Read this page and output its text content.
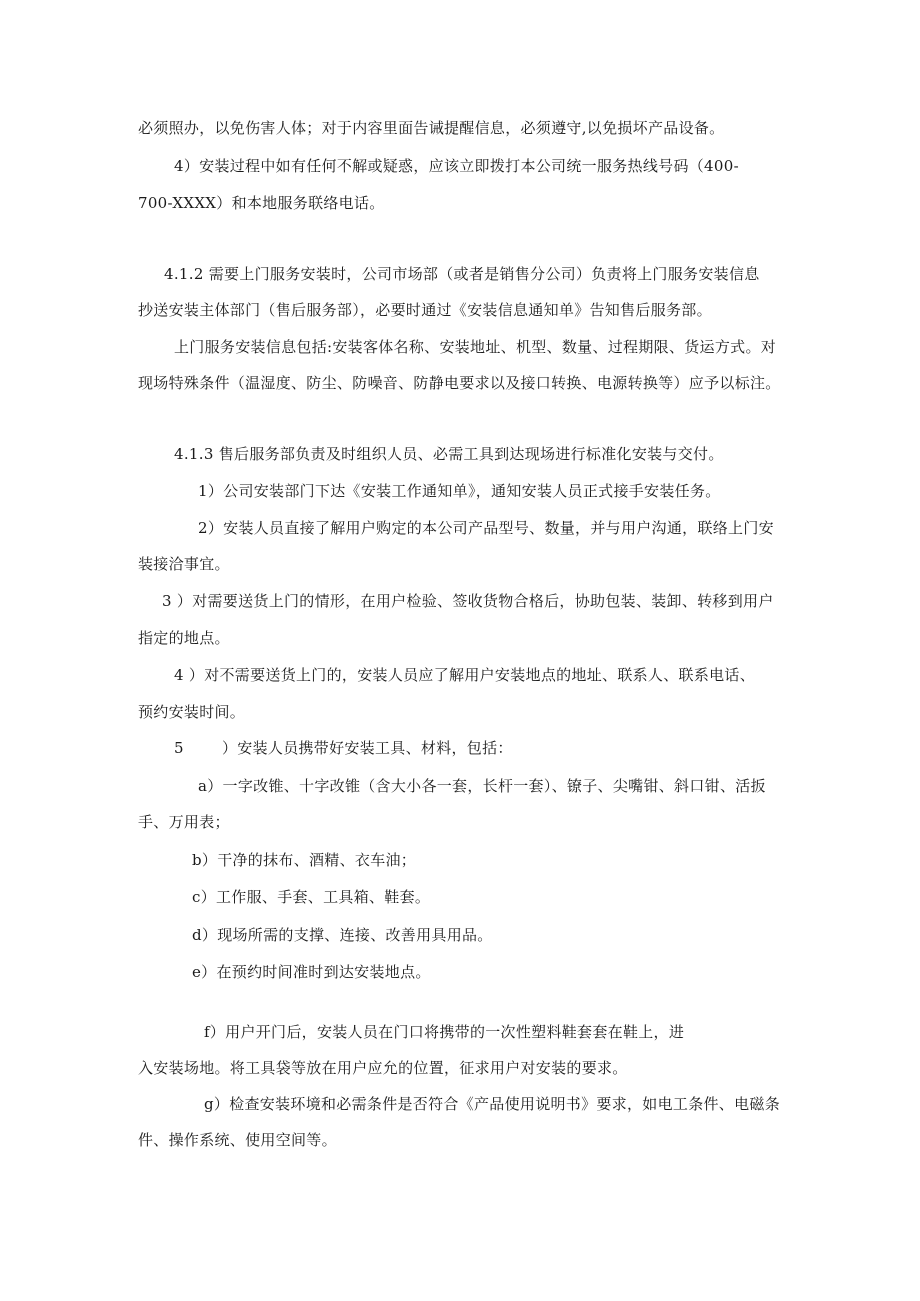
必须照办，以免伤害人体；对于内容里面告诫提醒信息，必须遵守,以免损坏产品设备。
4）安装过程中如有任何不解或疑惑，应该立即拨打本公司统一服务热线号码（400-
700-XXXX）和本地服务联络电话。
4.1.2 需要上门服务安装时，公司市场部（或者是销售分公司）负责将上门服务安装信息
抄送安装主体部门（售后服务部），必要时通过《安装信息通知单》告知售后服务部。
上门服务安装信息包括:安装客体名称、安装地址、机型、数量、过程期限、货运方式。对
现场特殊条件（温湿度、防尘、防噪音、防静电要求以及接口转换、电源转换等）应予以标注。
4.1.3 售后服务部负责及时组织人员、必需工具到达现场进行标准化安装与交付。
1）公司安装部门下达《安装工作通知单》，通知安装人员正式接手安装任务。
2）安装人员直接了解用户购定的本公司产品型号、数量，并与用户沟通，联络上门安
装接洽事宜。
3 ）对需要送货上门的情形，在用户检验、签收货物合格后，协助包装、装卸、转移到用户
指定的地点。
4 ）对不需要送货上门的，安装人员应了解用户安装地点的地址、联系人、联系电话、
预约安装时间。
5	）安装人员携带好安装工具、材料，包括：
a）一字改锥、十字改锥（含大小各一套，长杆一套）、镣子、尖嘴钳、斜口钳、活扳
手、万用表；
b）干净的抹布、酒精、衣车油；
c）工作服、手套、工具箱、鞋套。
d）现场所需的支撑、连接、改善用具用品。
e）在预约时间准时到达安装地点。
f）用户开门后，安装人员在门口将携带的一次性塑料鞋套套在鞋上，进
入安装场地。将工具袋等放在用户应允的位置，征求用户对安装的要求。
g）检查安装环境和必需条件是否符合《产品使用说明书》要求，如电工条件、电磁条
件、操作系统、使用空间等。
